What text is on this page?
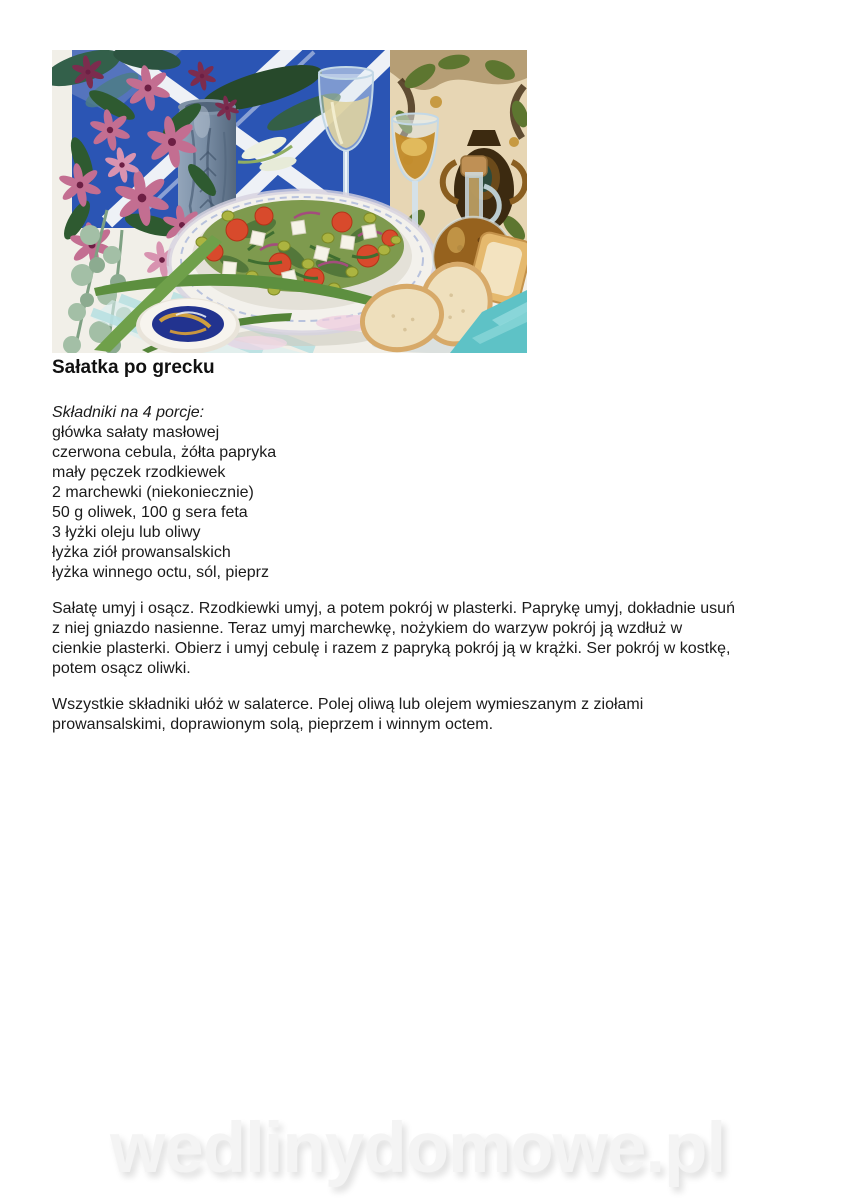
Sałatka po grecku
Składniki na 4 porcje:
główka sałaty masłowej
czerwona cebula, żółta papryka
mały pęczek rzodkiewek
2 marchewki (niekoniecznie)
50 g oliwek, 100 g sera feta
3 łyżki oleju lub oliwy
łyżka ziół prowansalskich
łyżka winnego octu, sól, pieprz
Sałatę umyj i osącz. Rzodkiewki umyj, a potem pokrój w plasterki. Paprykę umyj, dokładnie usuń
z niej gniazdo nasienne. Teraz umyj marchewkę, nożykiem do warzyw pokrój ją wzdłuż w
cienkie plasterki. Obierz i umyj cebulę i razem z papryką pokrój ją w krążki. Ser pokrój w kostkę,
potem osącz oliwki.
Wszystkie składniki ułóż w salaterce. Polej oliwą lub olejem wymieszanym z ziołami
prowansalskimi, doprawionym solą, pieprzem i winnym octem.
wedlinydomowe.pl
